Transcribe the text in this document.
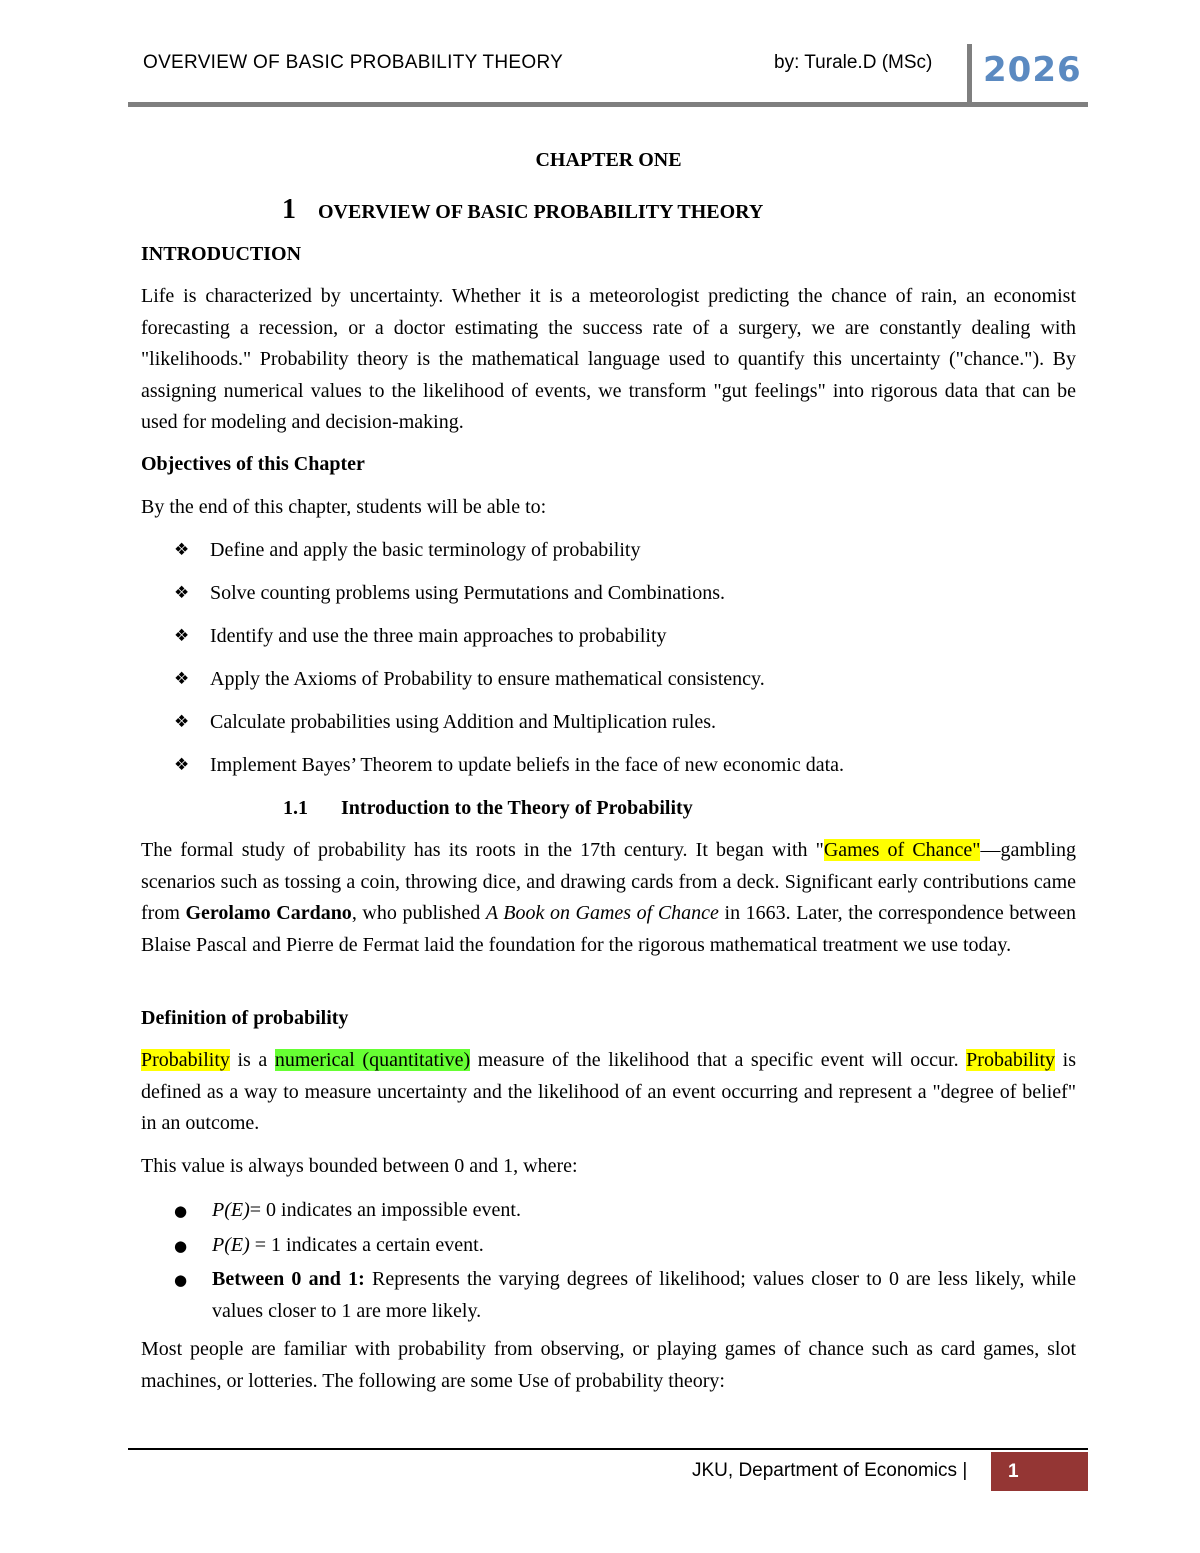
OVERVIEW OF BASIC PROBABILITY THEORY	by: Turale.D (MSc) 2026
CHAPTER ONE
1 OVERVIEW OF BASIC PROBABILITY THEORY
INTRODUCTION
Life is characterized by uncertainty. Whether it is a meteorologist predicting the chance of rain, an economist forecasting a recession, or a doctor estimating the success rate of a surgery, we are constantly dealing with "likelihoods." Probability theory is the mathematical language used to quantify this uncertainty ("chance."). By assigning numerical values to the likelihood of events, we transform "gut feelings" into rigorous data that can be used for modeling and decision-making.
Objectives of this Chapter
By the end of this chapter, students will be able to:
❖	Define and apply the basic terminology of probability
❖	Solve counting problems using Permutations and Combinations.
❖	Identify and use the three main approaches to probability
❖	Apply the Axioms of Probability to ensure mathematical consistency.
❖	Calculate probabilities using Addition and Multiplication rules.
❖	Implement Bayes’ Theorem to update beliefs in the face of new economic data.
1.1 Introduction to the Theory of Probability
The formal study of probability has its roots in the 17th century. It began with "Games of Chance"—gambling scenarios such as tossing a coin, throwing dice, and drawing cards from a deck. Significant early contributions came from Gerolamo Cardano, who published A Book on Games of Chance in 1663. Later, the correspondence between Blaise Pascal and Pierre de Fermat laid the foundation for the rigorous mathematical treatment we use today.
Definition of probability
Probability is a numerical (quantitative) measure of the likelihood that a specific event will occur. Probability is defined as a way to measure uncertainty and the likelihood of an event occurring and represent a "degree of belief" in an outcome.
This value is always bounded between 0 and 1, where:
●	P(E)= 0 indicates an impossible event.
●	P(E) = 1 indicates a certain event.
●	Between 0 and 1: Represents the varying degrees of likelihood; values closer to 0 are less likely, while values closer to 1 are more likely.
Most people are familiar with probability from observing, or playing games of chance such as card games, slot machines, or lotteries. The following are some Use of probability theory:
JKU, Department of Economics | 1
